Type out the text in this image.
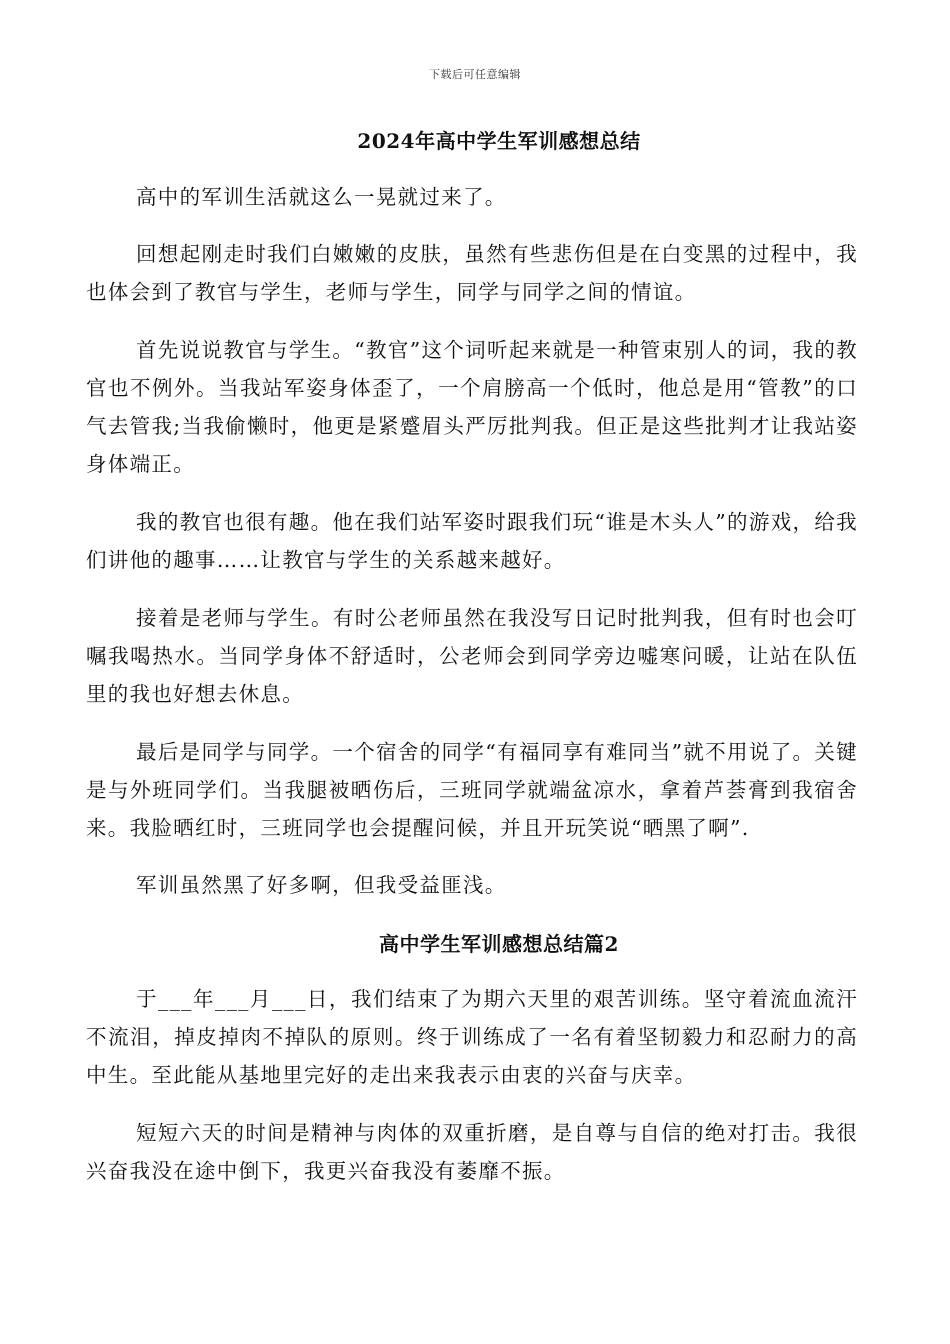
下载后可任意编辑
2024年高中学生军训感想总结

高中的军训生活就这么一晃就过来了。

回想起刚走时我们白嫩嫩的皮肤，虽然有些悲伤但是在白变黑的过程中，我也体会到了教官与学生，老师与学生，同学与同学之间的情谊。

首先说说教官与学生。“教官”这个词听起来就是一种管束别人的词，我的教官也不例外。当我站军姿身体歪了，一个肩膀高一个低时，他总是用“管教”的口气去管我;当我偷懒时，他更是紧蹙眉头严厉批判我。但正是这些批判才让我站姿身体端正。

我的教官也很有趣。他在我们站军姿时跟我们玩“谁是木头人”的游戏，给我们讲他的趣事……让教官与学生的关系越来越好。

接着是老师与学生。有时公老师虽然在我没写日记时批判我，但有时也会叮嘱我喝热水。当同学身体不舒适时，公老师会到同学旁边嘘寒问暖，让站在队伍里的我也好想去休息。

最后是同学与同学。一个宿舍的同学“有福同享有难同当”就不用说了。关键是与外班同学们。当我腿被晒伤后，三班同学就端盆凉水，拿着芦荟膏到我宿舍来。我脸晒红时，三班同学也会提醒问候，并且开玩笑说“晒黑了啊”.

军训虽然黑了好多啊，但我受益匪浅。

高中学生军训感想总结篇2

于___年___月___日，我们结束了为期六天里的艰苦训练。坚守着流血流汗不流泪，掉皮掉肉不掉队的原则。终于训练成了一名有着坚韧毅力和忍耐力的高中生。至此能从基地里完好的走出来我表示由衷的兴奋与庆幸。

短短六天的时间是精神与肉体的双重折磨，是自尊与自信的绝对打击。我很兴奋我没在途中倒下，我更兴奋我没有萎靡不振。
